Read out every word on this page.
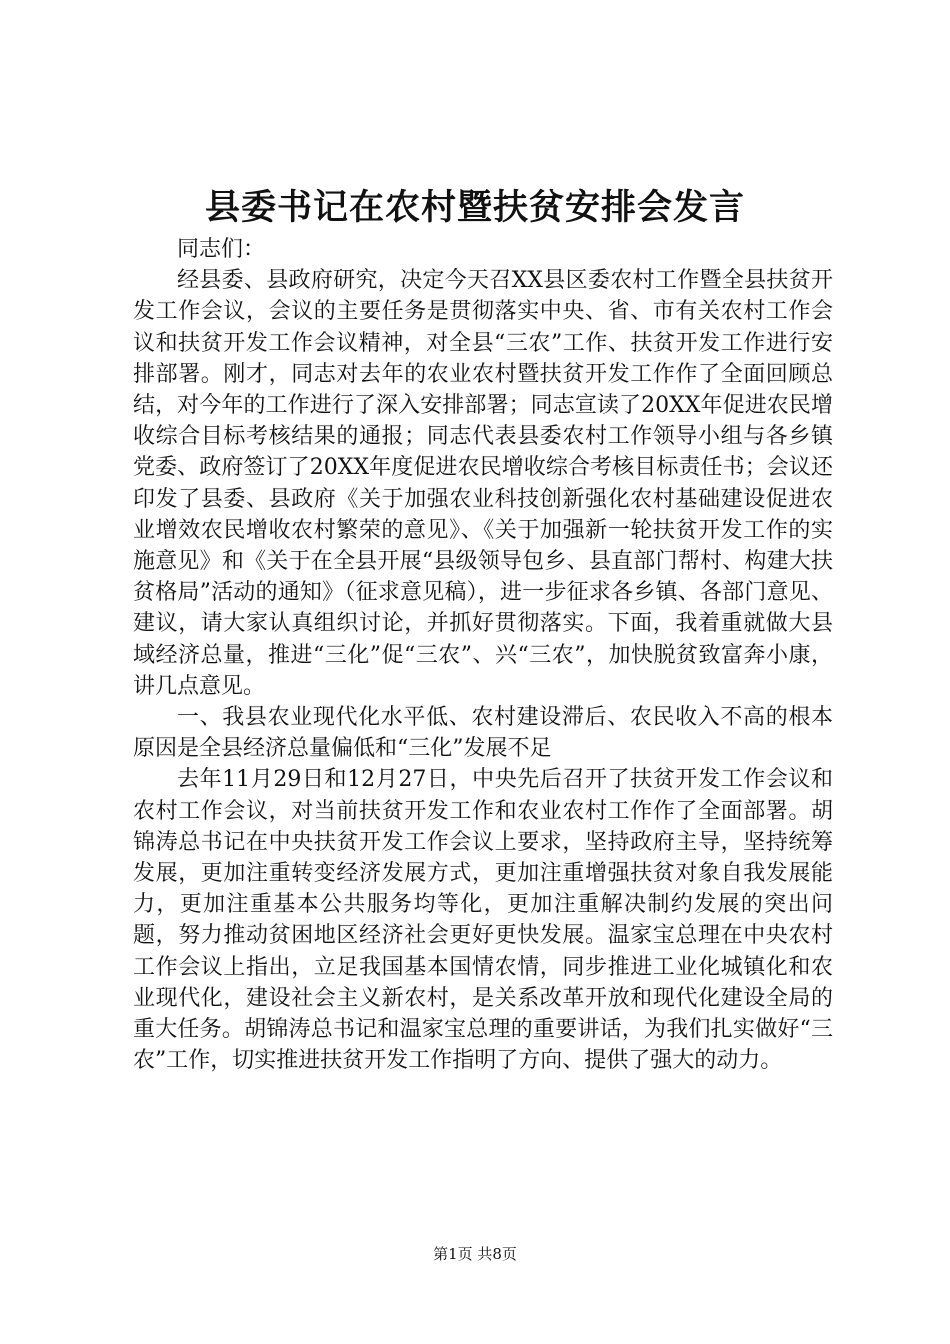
县委书记在农村暨扶贫安排会发言

同志们：

经县委、县政府研究，决定今天召XX县区委农村工作暨全县扶贫开发工作会议，会议的主要任务是贯彻落实中央、省、市有关农村工作会议和扶贫开发工作会议精神，对全县“三农”工作、扶贫开发工作进行安排部署。刚才，同志对去年的农业农村暨扶贫开发工作作了全面回顾总结，对今年的工作进行了深入安排部署；同志宣读了20XX年促进农民增收综合目标考核结果的通报；同志代表县委农村工作领导小组与各乡镇党委、政府签订了20XX年度促进农民增收综合考核目标责任书；会议还印发了县委、县政府《关于加强农业科技创新强化农村基础建设促进农业增效农民增收农村繁荣的意见》、《关于加强新一轮扶贫开发工作的实施意见》和《关于在全县开展“县级领导包乡、县直部门帮村、构建大扶贫格局”活动的通知》（征求意见稿），进一步征求各乡镇、各部门意见、建议，请大家认真组织讨论，并抓好贯彻落实。下面，我着重就做大县域经济总量，推进“三化”促“三农”、兴“三农”，加快脱贫致富奔小康，讲几点意见。

一、我县农业现代化水平低、农村建设滞后、农民收入不高的根本原因是全县经济总量偏低和“三化”发展不足

去年11月29日和12月27日，中央先后召开了扶贫开发工作会议和农村工作会议，对当前扶贫开发工作和农业农村工作作了全面部署。胡锦涛总书记在中央扶贫开发工作会议上要求，坚持政府主导，坚持统筹发展，更加注重转变经济发展方式，更加注重增强扶贫对象自我发展能力，更加注重基本公共服务均等化，更加注重解决制约发展的突出问题，努力推动贫困地区经济社会更好更快发展。温家宝总理在中央农村工作会议上指出，立足我国基本国情农情，同步推进工业化城镇化和农业现代化，建设社会主义新农村，是关系改革开放和现代化建设全局的重大任务。胡锦涛总书记和温家宝总理的重要讲话，为我们扎实做好“三农”工作，切实推进扶贫开发工作指明了方向、提供了强大的动力。

第1页 共8页
